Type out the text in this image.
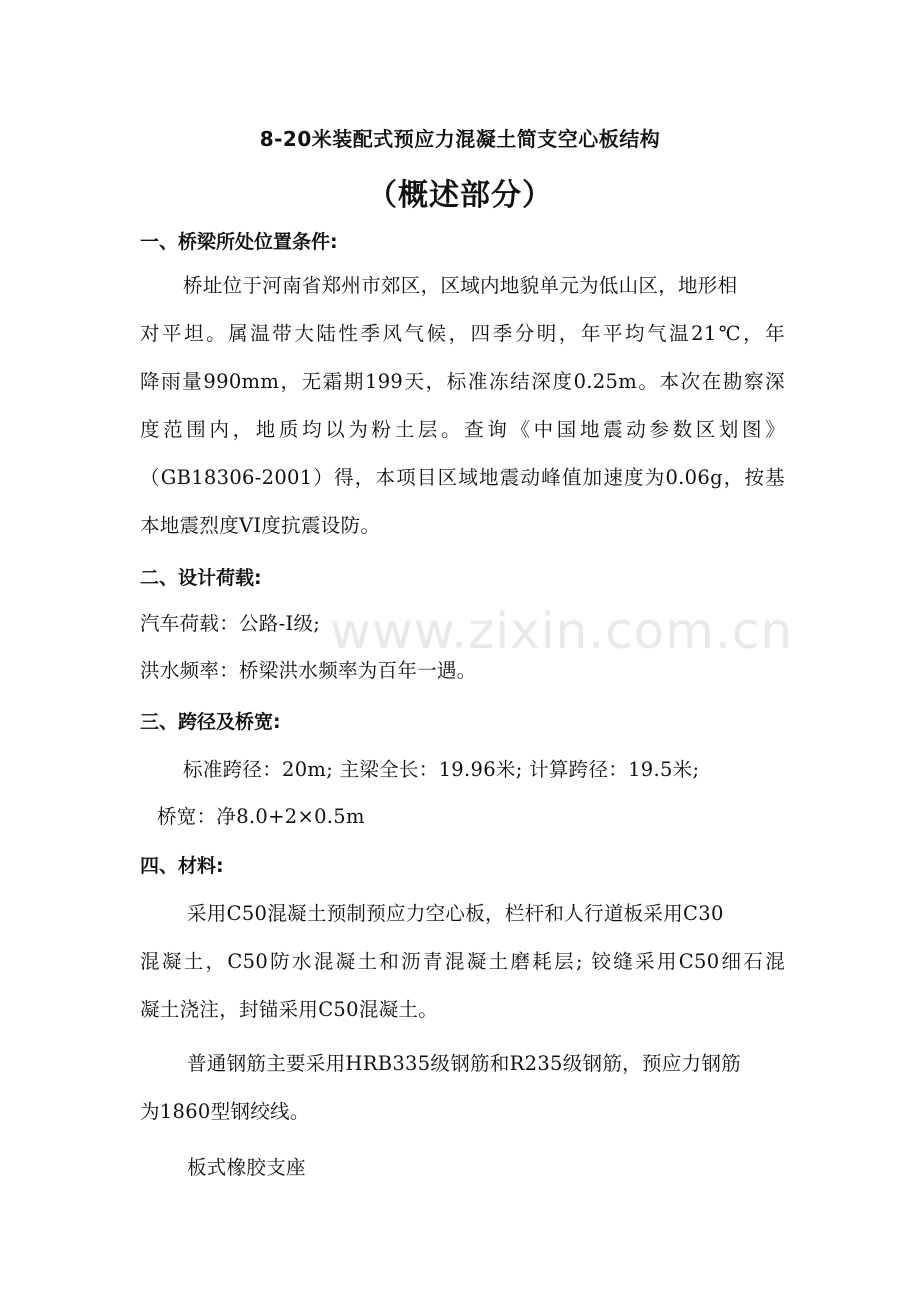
www.zixin.com.cn
8-20米装配式预应力混凝土简支空心板结构
（概述部分）
一、桥梁所处位置条件:
桥址位于河南省郑州市郊区，区域内地貌单元为低山区，地形相
对平坦。属温带大陆性季风气候，四季分明，年平均气温21℃，年
降雨量990mm，无霜期199天，标准冻结深度0.25m。本次在勘察深
度范围内，地质均以为粉土层。查询《中国地震动参数区划图》
（GB18306-2001）得，本项目区域地震动峰值加速度为0.06g，按基
本地震烈度VI度抗震设防。
二、设计荷载:
汽车荷载：公路-I级;
洪水频率：桥梁洪水频率为百年一遇。
三、跨径及桥宽:
标准跨径：20m; 主梁全长：19.96米; 计算跨径：19.5米;
桥宽：净8.0+2×0.5m
四、材料:
采用C50混凝土预制预应力空心板，栏杆和人行道板采用C30
混凝土，C50防水混凝土和沥青混凝土磨耗层; 铰缝采用C50细石混
凝土浇注，封锚采用C50混凝土。
普通钢筋主要采用HRB335级钢筋和R235级钢筋，预应力钢筋
为1860型钢绞线。
板式橡胶支座
